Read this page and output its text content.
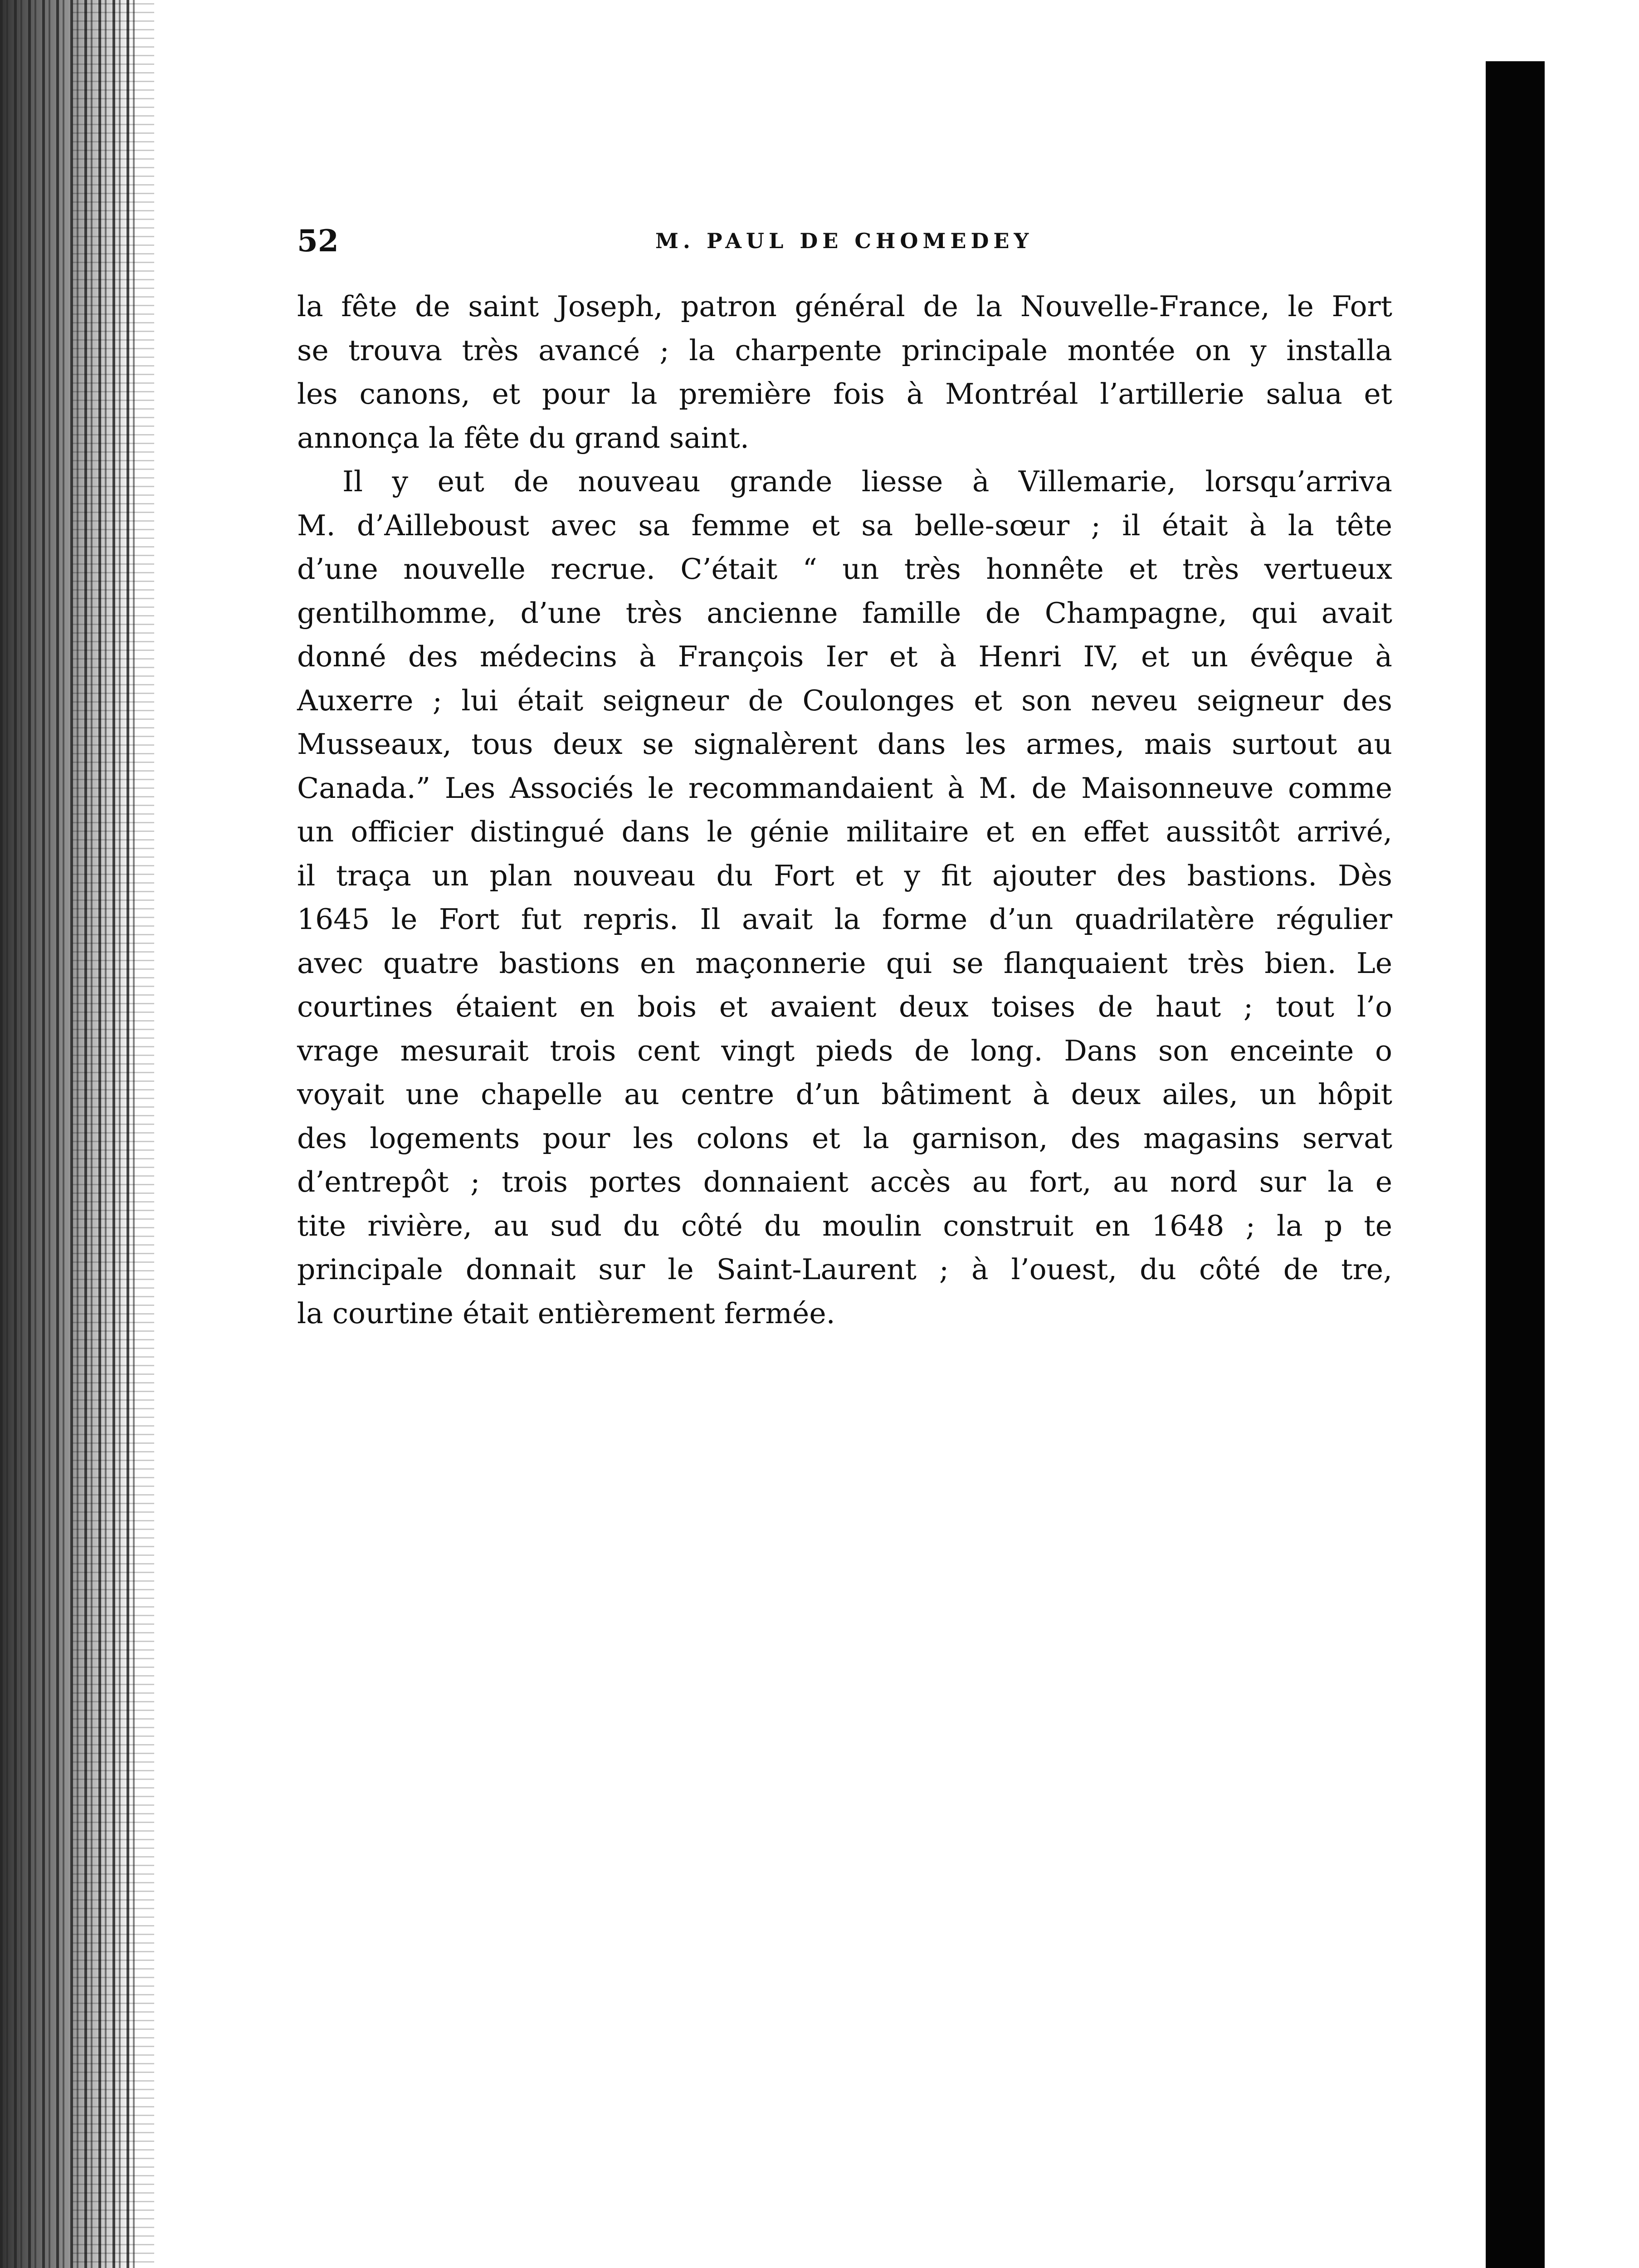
52	M. PAUL DE CHOMEDEY
la fête de saint Joseph, patron général de la Nouvelle-France, le Fort
se trouva très avancé ; la charpente principale montée on y installa
les canons, et pour la première fois à Montréal l’artillerie salua et
annonça la fête du grand saint.
Il y eut de nouveau grande liesse à Villemarie, lorsqu’arriva
M. d’Ailleboust avec sa femme et sa belle-sœur ; il était à la tête
d’une nouvelle recrue. C’était “ un très honnête et très vertueux
gentilhomme, d’une très ancienne famille de Champagne, qui avait
donné des médecins à François Ier et à Henri IV, et un évêque à
Auxerre ; lui était seigneur de Coulonges et son neveu seigneur des
Musseaux, tous deux se signalèrent dans les armes, mais surtout au
Canada.” Les Associés le recommandaient à M. de Maisonneuve comme
un officier distingué dans le génie militaire et en effet aussitôt arrivé,
il traça un plan nouveau du Fort et y fit ajouter des bastions. Dès
1645 le Fort fut repris. Il avait la forme d’un quadrilatère régulier
avec quatre bastions en maçonnerie qui se flanquaient très bien. Le
courtines étaient en bois et avaient deux toises de haut ; tout l’o
vrage mesurait trois cent vingt pieds de long. Dans son enceinte o
voyait une chapelle au centre d’un bâtiment à deux ailes, un hôpit
des logements pour les colons et la garnison, des magasins servat
d’entrepôt ; trois portes donnaient accès au fort, au nord sur la e
tite rivière, au sud du côté du moulin construit en 1648 ; la p te
principale donnait sur le Saint-Laurent ; à l’ouest, du côté de tre,
la courtine était entièrement fermée.
